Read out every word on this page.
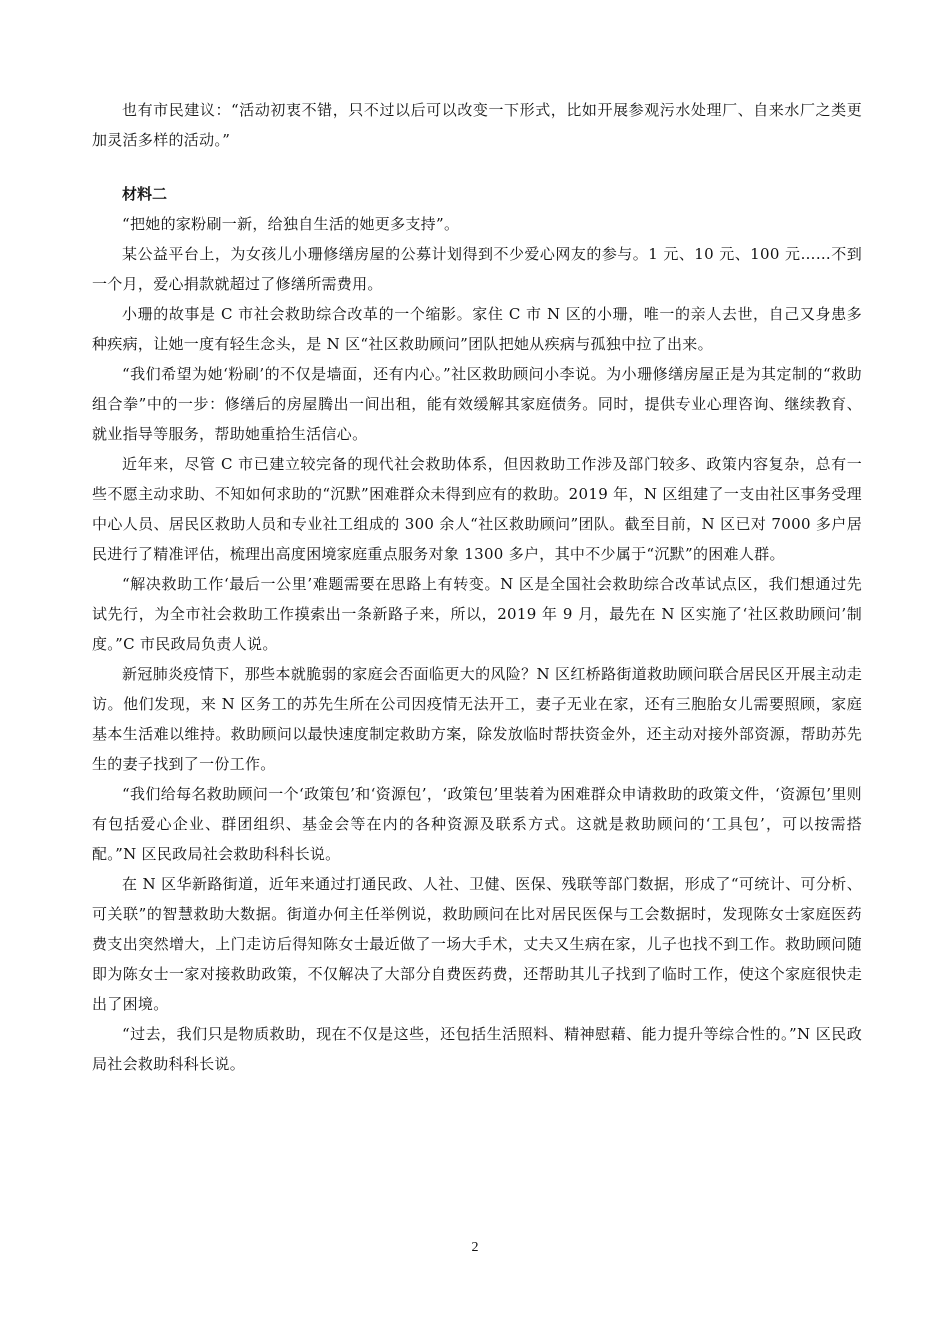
也有市民建议：“活动初衷不错，只不过以后可以改变一下形式，比如开展参观污水处理厂、自来水厂之类更加灵活多样的活动。”

材料二

“把她的家粉刷一新，给独自生活的她更多支持”。

某公益平台上，为女孩儿小珊修缮房屋的公募计划得到不少爱心网友的参与。1 元、10 元、100 元……不到一个月，爱心捐款就超过了修缮所需费用。

小珊的故事是 C 市社会救助综合改革的一个缩影。家住 C 市 N 区的小珊，唯一的亲人去世，自己又身患多种疾病，让她一度有轻生念头，是 N 区“社区救助顾问”团队把她从疾病与孤独中拉了出来。

“我们希望为她‘粉刷’的不仅是墙面，还有内心。”社区救助顾问小李说。为小珊修缮房屋正是为其定制的“救助组合拳”中的一步：修缮后的房屋腾出一间出租，能有效缓解其家庭债务。同时，提供专业心理咨询、继续教育、就业指导等服务，帮助她重拾生活信心。

近年来，尽管 C 市已建立较完备的现代社会救助体系，但因救助工作涉及部门较多、政策内容复杂，总有一些不愿主动求助、不知如何求助的“沉默”困难群众未得到应有的救助。2019 年，N 区组建了一支由社区事务受理中心人员、居民区救助人员和专业社工组成的 300 余人“社区救助顾问”团队。截至目前，N 区已对 7000 多户居民进行了精准评估，梳理出高度困境家庭重点服务对象 1300 多户，其中不少属于“沉默”的困难人群。

“解决救助工作‘最后一公里’难题需要在思路上有转变。N 区是全国社会救助综合改革试点区，我们想通过先试先行，为全市社会救助工作摸索出一条新路子来，所以，2019 年 9 月，最先在 N 区实施了‘社区救助顾问’制度。”C 市民政局负责人说。

新冠肺炎疫情下，那些本就脆弱的家庭会否面临更大的风险？N 区红桥路街道救助顾问联合居民区开展主动走访。他们发现，来 N 区务工的苏先生所在公司因疫情无法开工，妻子无业在家，还有三胞胎女儿需要照顾，家庭基本生活难以维持。救助顾问以最快速度制定救助方案，除发放临时帮扶资金外，还主动对接外部资源，帮助苏先生的妻子找到了一份工作。

“我们给每名救助顾问一个‘政策包’和‘资源包’，‘政策包’里装着为困难群众申请救助的政策文件，‘资源包’里则有包括爱心企业、群团组织、基金会等在内的各种资源及联系方式。这就是救助顾问的‘工具包’，可以按需搭配。”N 区民政局社会救助科科长说。

在 N 区华新路街道，近年来通过打通民政、人社、卫健、医保、残联等部门数据，形成了“可统计、可分析、可关联”的智慧救助大数据。街道办何主任举例说，救助顾问在比对居民医保与工会数据时，发现陈女士家庭医药费支出突然增大，上门走访后得知陈女士最近做了一场大手术，丈夫又生病在家，儿子也找不到工作。救助顾问随即为陈女士一家对接救助政策，不仅解决了大部分自费医药费，还帮助其儿子找到了临时工作，使这个家庭很快走出了困境。

“过去，我们只是物质救助，现在不仅是这些，还包括生活照料、精神慰藉、能力提升等综合性的。”N 区民政局社会救助科科长说。

2
